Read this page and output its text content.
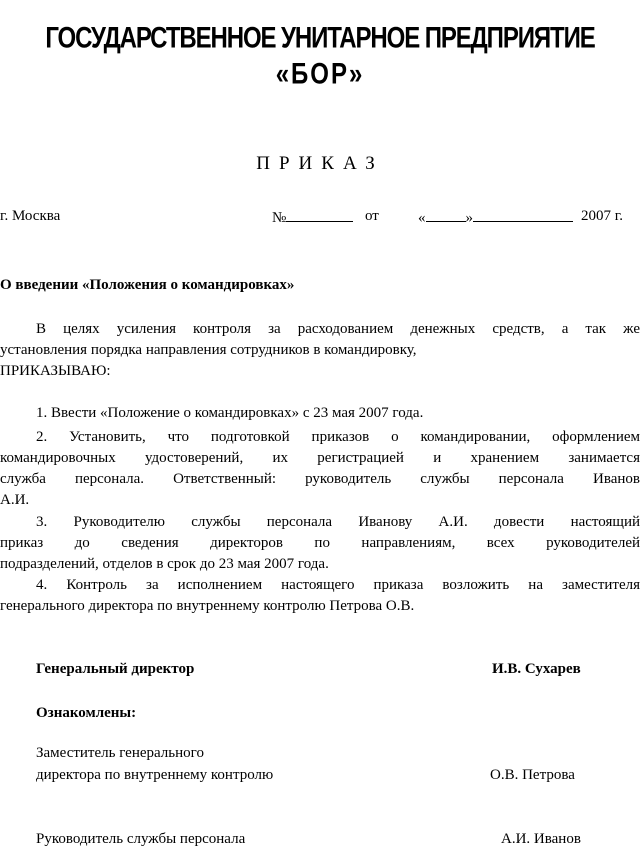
ГОСУДАРСТВЕННОЕ УНИТАРНОЕ ПРЕДПРИЯТИЕ
«БОР»
ПРИКАЗ
г. Москва	№	от	«	»	2007 г.
О введении «Положения о командировках»
В целях усиления контроля за расходованием денежных средств, а так же
установления порядка направления сотрудников в командировку,
ПРИКАЗЫВАЮ:
1. Ввести «Положение о командировках» с 23 мая 2007 года.
2. Установить, что подготовкой приказов о командировании, оформлением
командировочных удостоверений, их регистрацией и хранением занимается
служба персонала. Ответственный: руководитель службы персонала Иванов
А.И.
3. Руководителю службы персонала Иванову А.И. довести настоящий
приказ до сведения директоров по направлениям, всех руководителей
подразделений, отделов в срок до 23 мая 2007 года.
4. Контроль за исполнением настоящего приказа возложить на заместителя
генерального директора по внутреннему контролю Петрова О.В.
Генеральный директор	И.В. Сухарев
Ознакомлены:
Заместитель генерального
директора по внутреннему контролю	О.В. Петрова
Руководитель службы персонала	А.И. Иванов
